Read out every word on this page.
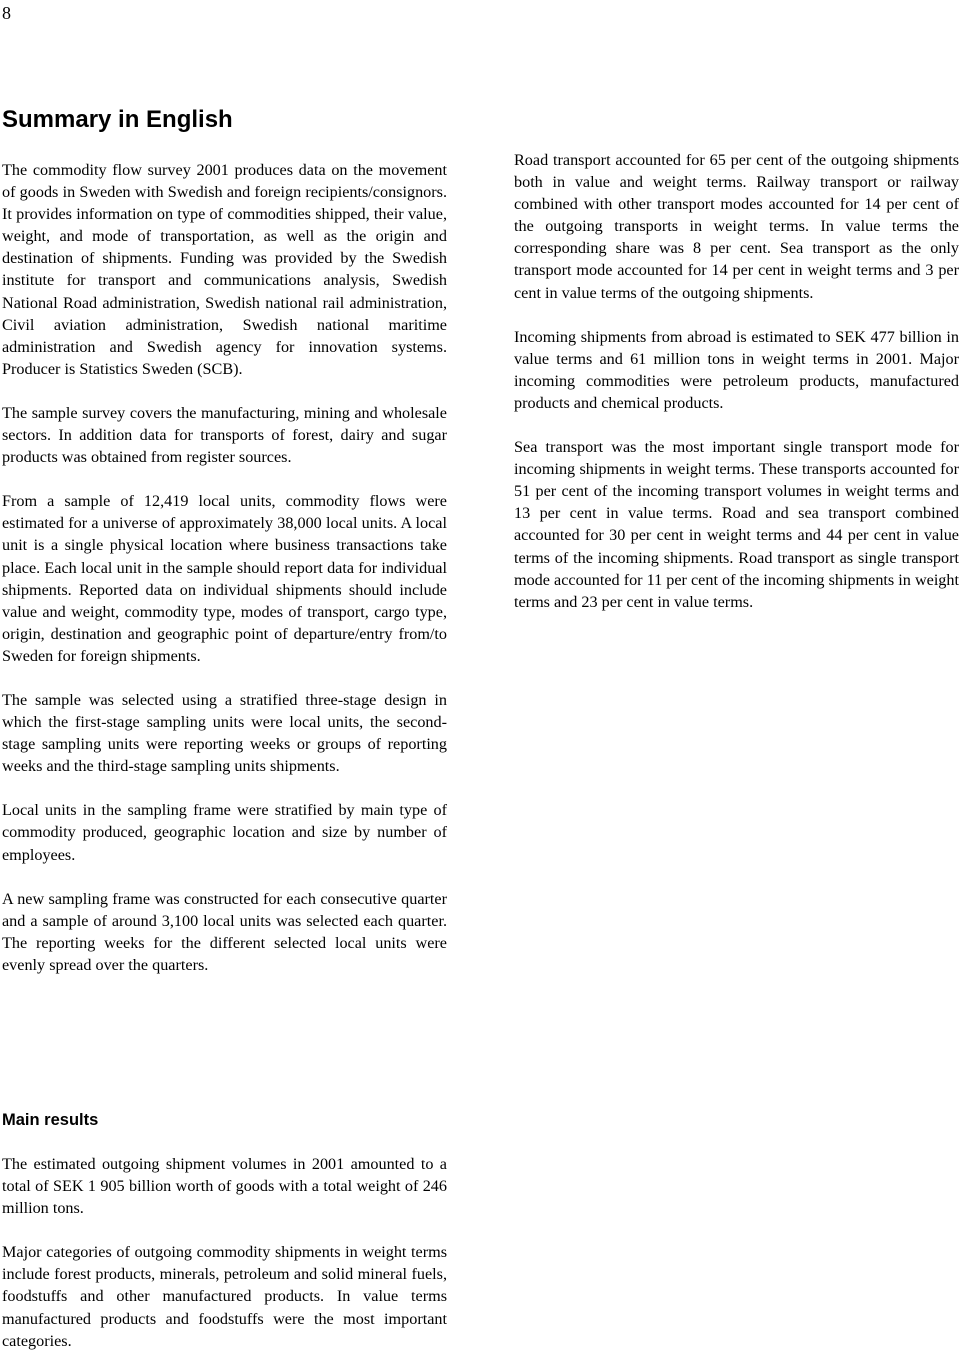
8
Summary in English

The commodity flow survey 2001 produces data on the movement of goods in Sweden with Swedish and foreign recipients/consignors. It provides information on type of commodities shipped, their value, weight, and mode of transportation, as well as the origin and destination of shipments. Funding was provided by the Swedish institute for transport and communications analysis, Swedish National Road administration, Swedish national rail administration, Civil aviation administration, Swedish national maritime administration and Swedish agency for innovation systems. Producer is Statistics Sweden (SCB).

The sample survey covers the manufacturing, mining and wholesale sectors. In addition data for transports of forest, dairy and sugar products was obtained from register sources.

From a sample of 12,419 local units, commodity flows were estimated for a universe of approximately 38,000 local units. A local unit is a single physical location where business transactions take place. Each local unit in the sample should report data for individual shipments. Reported data on individual shipments should include value and weight, commodity type, modes of transport, cargo type, origin, destination and geographic point of departure/entry from/to Sweden for foreign shipments.

The sample was selected using a stratified three-stage design in which the first-stage sampling units were local units, the second-stage sampling units were reporting weeks or groups of reporting weeks and the third-stage sampling units shipments.

Local units in the sampling frame were stratified by main type of commodity produced, geographic location and size by number of employees.

A new sampling frame was constructed for each consecutive quarter and a sample of around 3,100 local units was selected each quarter. The reporting weeks for the different selected local units were evenly spread over the quarters.

Main results

The estimated outgoing shipment volumes in 2001 amounted to a total of SEK 1 905 billion worth of goods with a total weight of 246 million tons.

Major categories of outgoing commodity shipments in weight terms include forest products, minerals, petroleum and solid mineral fuels, foodstuffs and other manufactured products. In value terms manufactured products and foodstuffs were the most important categories.

Road transport accounted for 65 per cent of the outgoing shipments both in value and weight terms. Railway transport or railway combined with other transport modes accounted for 14 per cent of the outgoing transports in weight terms. In value terms the corresponding share was 8 per cent. Sea transport as the only transport mode accounted for 14 per cent in weight terms and 3 per cent in value terms of the outgoing shipments.

Incoming shipments from abroad is estimated to SEK 477 billion in value terms and 61 million tons in weight terms in 2001. Major incoming commodities were petroleum products, manufactured products and chemical products.

Sea transport was the most important single transport mode for incoming shipments in weight terms. These transports accounted for 51 per cent of the incoming transport volumes in weight terms and 13 per cent in value terms. Road and sea transport combined accounted for 30 per cent in weight terms and 44 per cent in value terms of the incoming shipments. Road transport as single transport mode accounted for 11 per cent of the incoming shipments in weight terms and 23 per cent in value terms.
